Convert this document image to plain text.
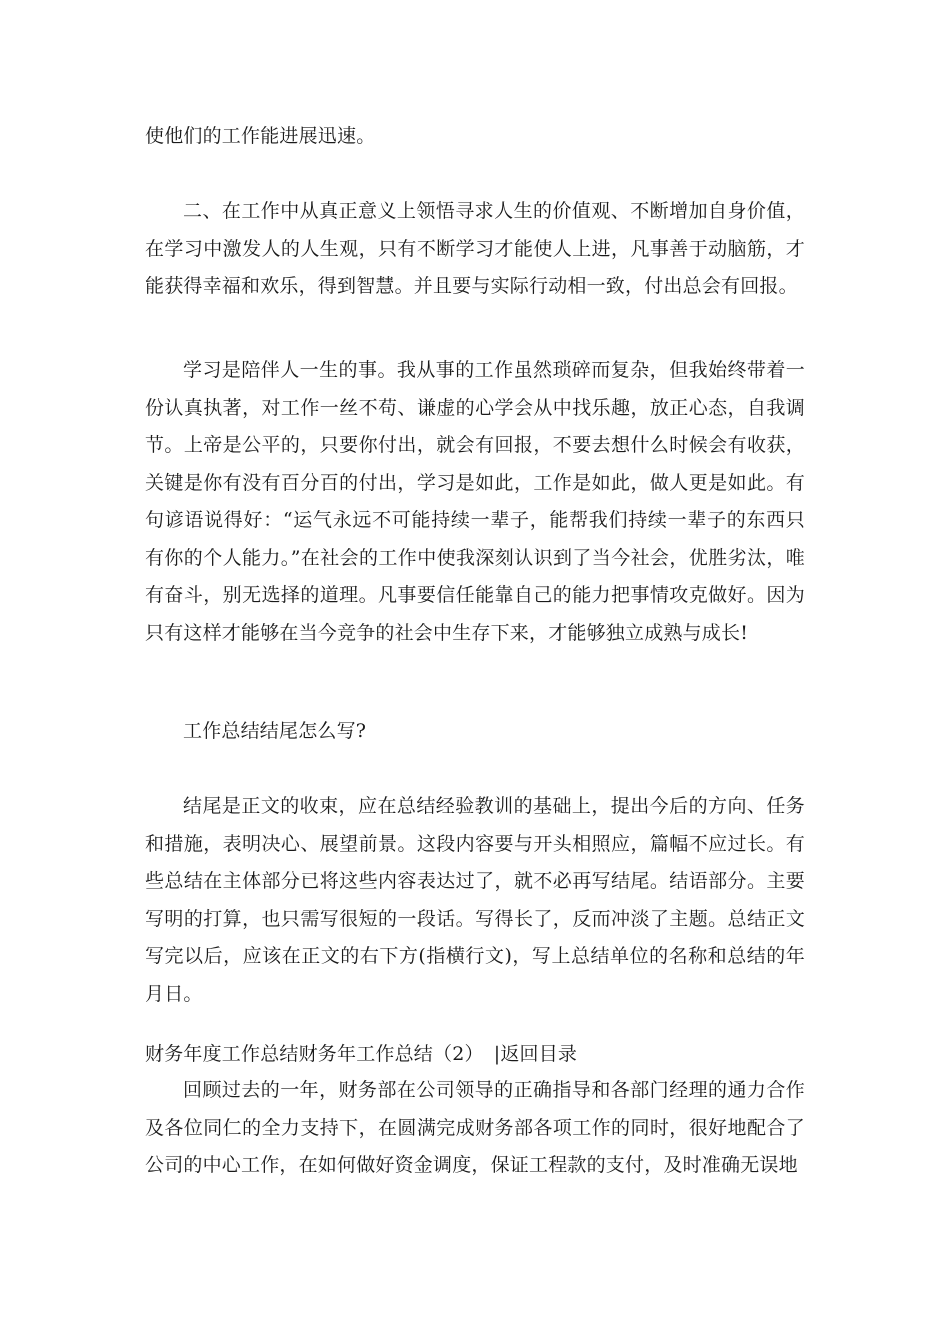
使他们的工作能进展迅速。

二、在工作中从真正意义上领悟寻求人生的价值观、不断增加自身价值，在学习中激发人的人生观，只有不断学习才能使人上进，凡事善于动脑筋，才能获得幸福和欢乐，得到智慧。并且要与实际行动相一致，付出总会有回报。

学习是陪伴人一生的事。我从事的工作虽然琐碎而复杂，但我始终带着一份认真执著，对工作一丝不苟、谦虚的心学会从中找乐趣，放正心态，自我调节。上帝是公平的，只要你付出，就会有回报，不要去想什么时候会有收获，关键是你有没有百分百的付出，学习是如此，工作是如此，做人更是如此。有句谚语说得好：“运气永远不可能持续一辈子，能帮我们持续一辈子的东西只有你的个人能力。”在社会的工作中使我深刻认识到了当今社会，优胜劣汰，唯有奋斗，别无选择的道理。凡事要信任能靠自己的能力把事情攻克做好。因为只有这样才能够在当今竞争的社会中生存下来，才能够独立成熟与成长!

工作总结结尾怎么写?

结尾是正文的收束，应在总结经验教训的基础上，提出今后的方向、任务和措施，表明决心、展望前景。这段内容要与开头相照应，篇幅不应过长。有些总结在主体部分已将这些内容表达过了，就不必再写结尾。结语部分。主要写明的打算，也只需写很短的一段话。写得长了，反而冲淡了主题。总结正文写完以后，应该在正文的右下方(指横行文)，写上总结单位的名称和总结的年月日。

财务年度工作总结财务年工作总结（2） |返回目录

回顾过去的一年，财务部在公司领导的正确指导和各部门经理的通力合作及各位同仁的全力支持下，在圆满完成财务部各项工作的同时，很好地配合了公司的中心工作，在如何做好资金调度，保证工程款的支付，及时准确无误地
